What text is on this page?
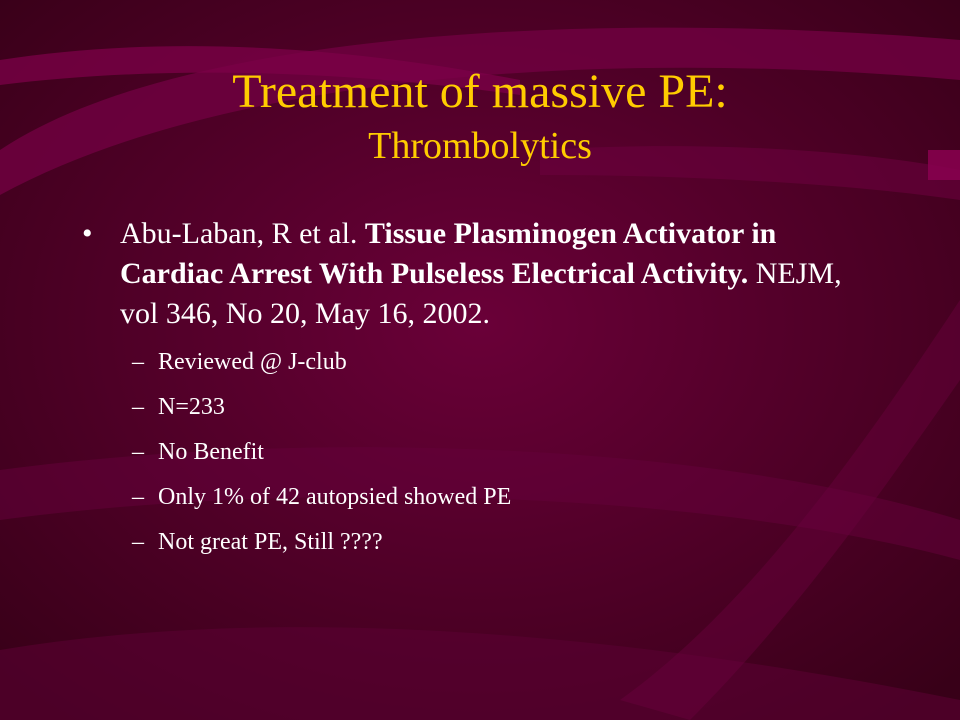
Treatment of massive PE:
Thrombolytics
• Abu-Laban, R et al. Tissue Plasminogen Activator in Cardiac Arrest With Pulseless Electrical Activity. NEJM, vol 346, No 20, May 16, 2002.
– Reviewed @ J-club
– N=233
– No Benefit
– Only 1% of 42 autopsied showed PE
– Not great PE, Still ????
